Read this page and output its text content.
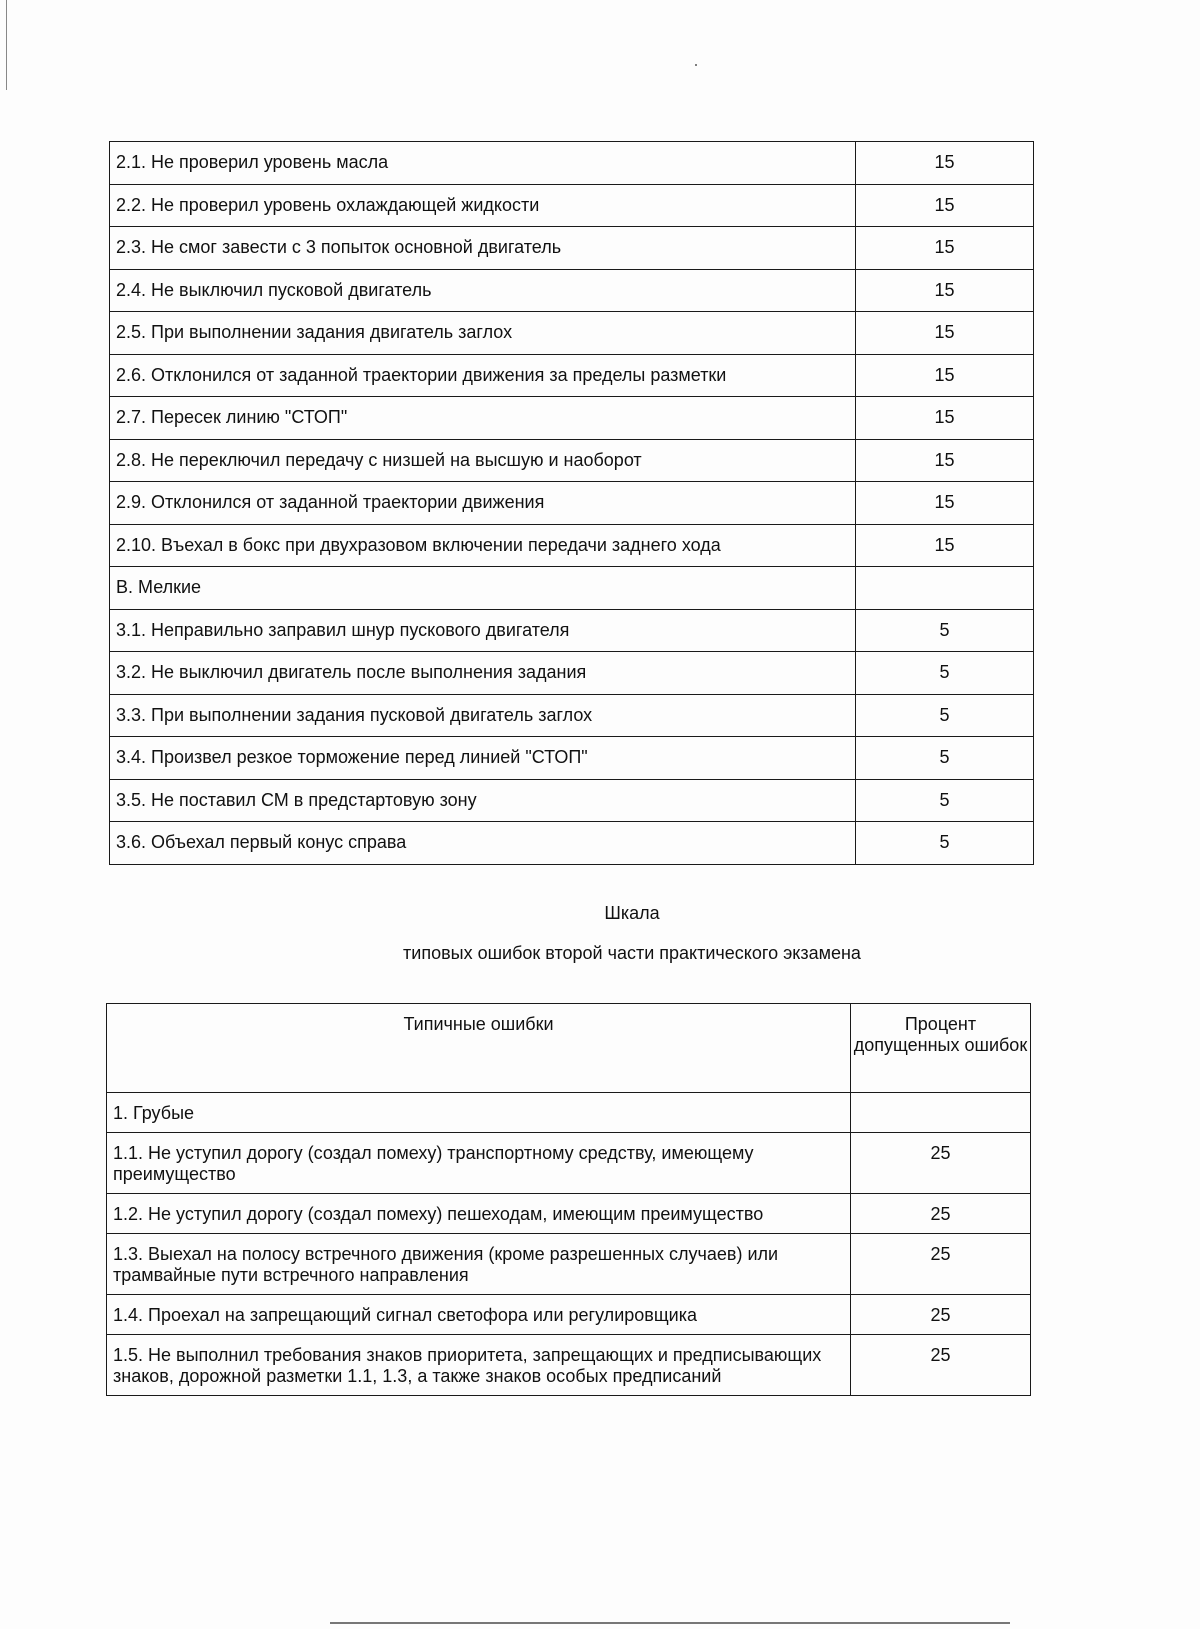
2.1. Не проверил уровень масла	15
2.2. Не проверил уровень охлаждающей жидкости	15
2.3. Не смог завести с 3 попыток основной двигатель	15
2.4. Не выключил пусковой двигатель	15
2.5. При выполнении задания двигатель заглох	15
2.6. Отклонился от заданной траектории движения за пределы разметки	15
2.7. Пересек линию "СТОП"	15
2.8. Не переключил передачу с низшей на высшую и наоборот	15
2.9. Отклонился от заданной траектории движения	15
2.10. Въехал в бокс при двухразовом включении передачи заднего хода	15
В. Мелкие	
3.1. Неправильно заправил шнур пускового двигателя	5
3.2. Не выключил двигатель после выполнения задания	5
3.3. При выполнении задания пусковой двигатель заглох	5
3.4. Произвел резкое торможение перед линией "СТОП"	5
3.5. Не поставил СМ в предстартовую зону	5
3.6. Объехал первый конус справа	5
Шкала
типовых ошибок второй части практического экзамена
Типичные ошибки	Процент допущенных ошибок
1. Грубые	
1.1. Не уступил дорогу (создал помеху) транспортному средству, имеющему преимущество	25
1.2. Не уступил дорогу (создал помеху) пешеходам, имеющим преимущество	25
1.3. Выехал на полосу встречного движения (кроме разрешенных случаев) или трамвайные пути встречного направления	25
1.4. Проехал на запрещающий сигнал светофора или регулировщика	25
1.5. Не выполнил требования знаков приоритета, запрещающих и предписывающих знаков, дорожной разметки 1.1, 1.3, а также знаков особых предписаний	25
